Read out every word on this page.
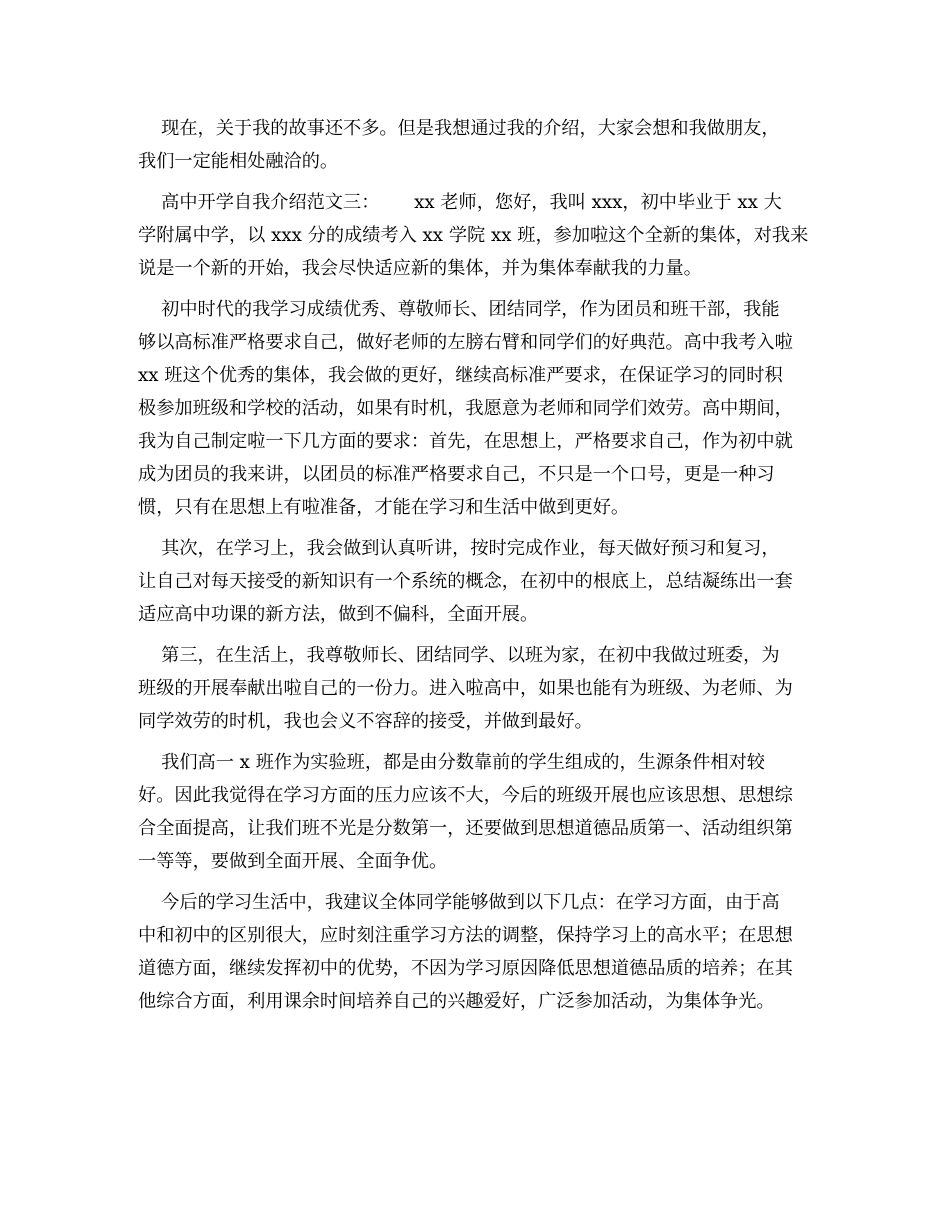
现在，关于我的故事还不多。但是我想通过我的介绍，大家会想和我做朋友，
我们一定能相处融洽的。
高中开学自我介绍范文三：      xx 老师，您好，我叫 xxx，初中毕业于 xx 大
学附属中学，以 xxx 分的成绩考入 xx 学院 xx 班，参加啦这个全新的集体，对我来
说是一个新的开始，我会尽快适应新的集体，并为集体奉献我的力量。
初中时代的我学习成绩优秀、尊敬师长、团结同学，作为团员和班干部，我能
够以高标准严格要求自己，做好老师的左膀右臂和同学们的好典范。高中我考入啦
xx 班这个优秀的集体，我会做的更好，继续高标准严要求，在保证学习的同时积
极参加班级和学校的活动，如果有时机，我愿意为老师和同学们效劳。高中期间，
我为自己制定啦一下几方面的要求：首先，在思想上，严格要求自己，作为初中就
成为团员的我来讲，以团员的标准严格要求自己，不只是一个口号，更是一种习
惯，只有在思想上有啦准备，才能在学习和生活中做到更好。
其次，在学习上，我会做到认真听讲，按时完成作业，每天做好预习和复习，
让自己对每天接受的新知识有一个系统的概念，在初中的根底上，总结凝练出一套
适应高中功课的新方法，做到不偏科，全面开展。
第三，在生活上，我尊敬师长、团结同学、以班为家，在初中我做过班委，为
班级的开展奉献出啦自己的一份力。进入啦高中，如果也能有为班级、为老师、为
同学效劳的时机，我也会义不容辞的接受，并做到最好。
我们高一 x 班作为实验班，都是由分数靠前的学生组成的，生源条件相对较
好。因此我觉得在学习方面的压力应该不大，今后的班级开展也应该思想、思想综
合全面提高，让我们班不光是分数第一，还要做到思想道德品质第一、活动组织第
一等等，要做到全面开展、全面争优。
今后的学习生活中，我建议全体同学能够做到以下几点：在学习方面，由于高
中和初中的区别很大，应时刻注重学习方法的调整，保持学习上的高水平；在思想
道德方面，继续发挥初中的优势，不因为学习原因降低思想道德品质的培养；在其
他综合方面，利用课余时间培养自己的兴趣爱好，广泛参加活动，为集体争光。
